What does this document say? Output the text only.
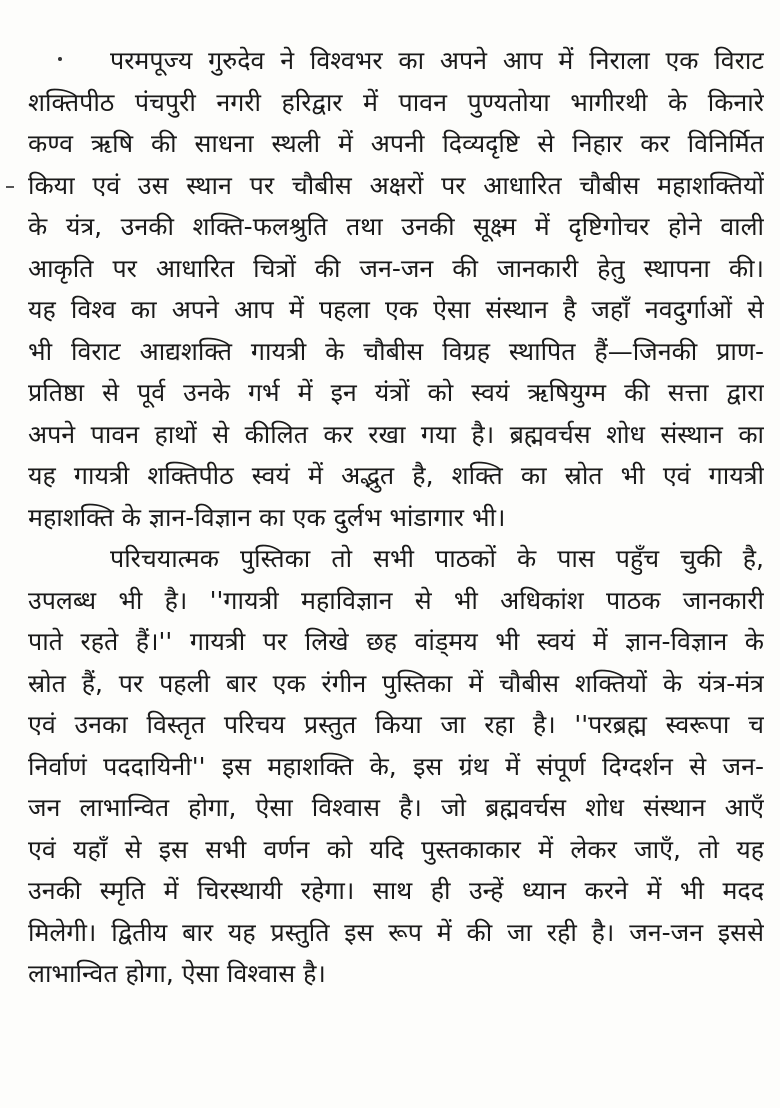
परमपूज्य गुरुदेव ने विश्वभर का अपने आप में निराला एक विराट
शक्तिपीठ पंचपुरी नगरी हरिद्वार में पावन पुण्यतोया भागीरथी के किनारे
कण्व ऋषि की साधना स्थली में अपनी दिव्यदृष्टि से निहार कर विनिर्मित
किया एवं उस स्थान पर चौबीस अक्षरों पर आधारित चौबीस महाशक्तियों
के यंत्र, उनकी शक्ति-फलश्रुति तथा उनकी सूक्ष्म में दृष्टिगोचर होने वाली
आकृति पर आधारित चित्रों की जन-जन की जानकारी हेतु स्थापना की।
यह विश्व का अपने आप में पहला एक ऐसा संस्थान है जहाँ नवदुर्गाओं से
भी विराट आद्यशक्ति गायत्री के चौबीस विग्रह स्थापित हैं—जिनकी प्राण-
प्रतिष्ठा से पूर्व उनके गर्भ में इन यंत्रों को स्वयं ऋषियुग्म की सत्ता द्वारा
अपने पावन हाथों से कीलित कर रखा गया है। ब्रह्मवर्चस शोध संस्थान का
यह गायत्री शक्तिपीठ स्वयं में अद्भुत है, शक्ति का स्रोत भी एवं गायत्री
महाशक्ति के ज्ञान-विज्ञान का एक दुर्लभ भांडागार भी।
परिचयात्मक पुस्तिका तो सभी पाठकों के पास पहुँच चुकी है,
उपलब्ध भी है। ''गायत्री महाविज्ञान से भी अधिकांश पाठक जानकारी
पाते रहते हैं।'' गायत्री पर लिखे छह वांड्मय भी स्वयं में ज्ञान-विज्ञान के
स्रोत हैं, पर पहली बार एक रंगीन पुस्तिका में चौबीस शक्तियों के यंत्र-मंत्र
एवं उनका विस्तृत परिचय प्रस्तुत किया जा रहा है। ''परब्रह्म स्वरूपा च
निर्वाणं पददायिनी'' इस महाशक्ति के, इस ग्रंथ में संपूर्ण दिग्दर्शन से जन-
जन लाभान्वित होगा, ऐसा विश्वास है। जो ब्रह्मवर्चस शोध संस्थान आएँ
एवं यहाँ से इस सभी वर्णन को यदि पुस्तकाकार में लेकर जाएँ, तो यह
उनकी स्मृति में चिरस्थायी रहेगा। साथ ही उन्हें ध्यान करने में भी मदद
मिलेगी। द्वितीय बार यह प्रस्तुति इस रूप में की जा रही है। जन-जन इससे
लाभान्वित होगा, ऐसा विश्वास है।
